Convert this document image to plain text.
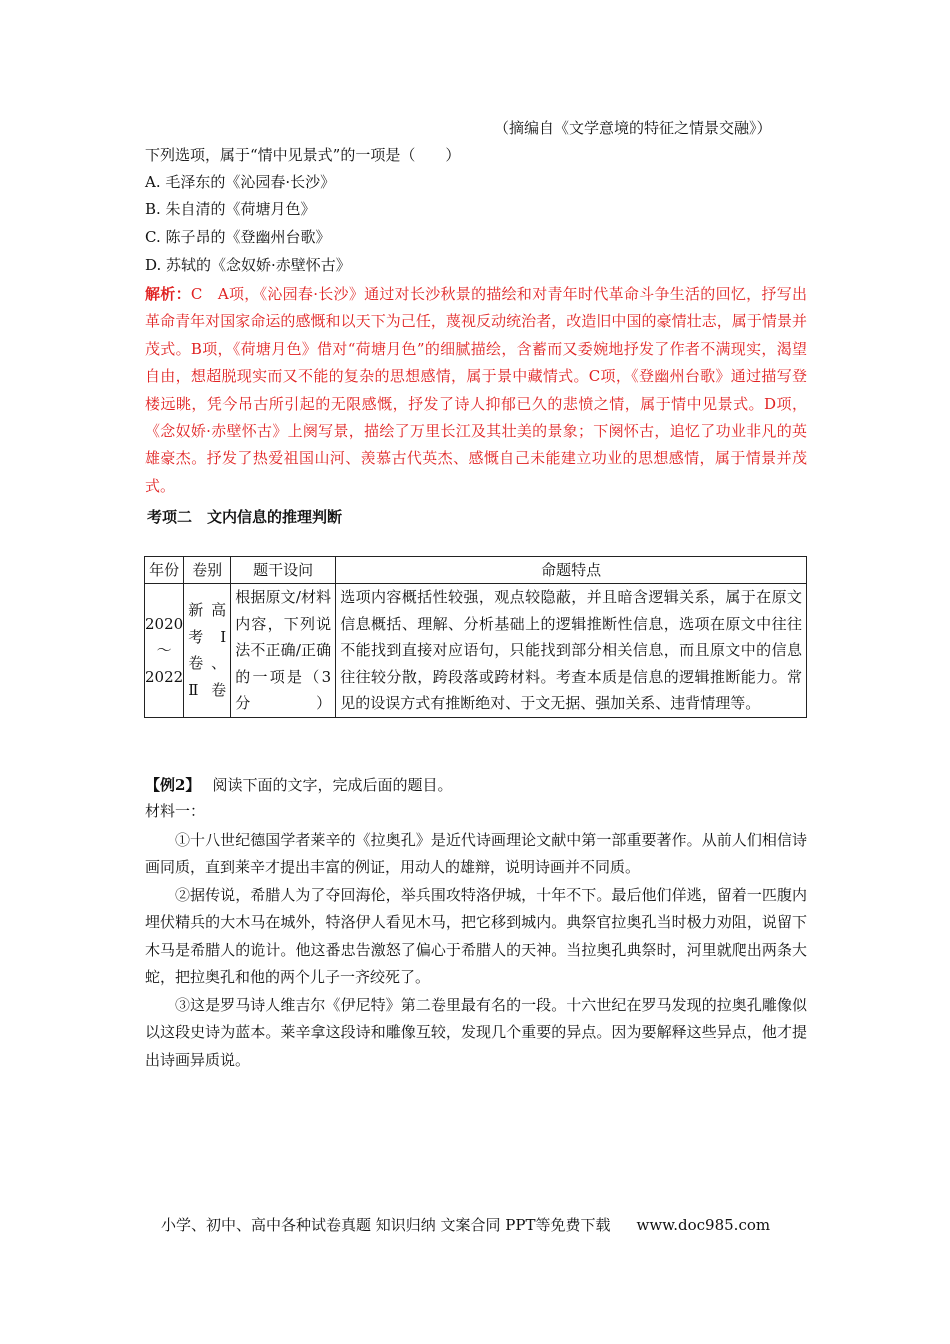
（摘编自《文学意境的特征之情景交融》）
下列选项，属于“情中见景式”的一项是（　　）
A. 毛泽东的《沁园春·长沙》
B. 朱自清的《荷塘月色》
C. 陈子昂的《登幽州台歌》
D. 苏轼的《念奴娇·赤壁怀古》
解析：C　A项，《沁园春·长沙》通过对长沙秋景的描绘和对青年时代革命斗争生活的回忆，抒写出革命青年对国家命运的感慨和以天下为己任，蔑视反动统治者，改造旧中国的豪情壮志，属于情景并茂式。B项，《荷塘月色》借对“荷塘月色”的细腻描绘，含蓄而又委婉地抒发了作者不满现实，渴望自由，想超脱现实而又不能的复杂的思想感情，属于景中藏情式。C项，《登幽州台歌》通过描写登楼远眺，凭今吊古所引起的无限感慨，抒发了诗人抑郁已久的悲愤之情，属于情中见景式。D项，《念奴娇·赤壁怀古》上阕写景，描绘了万里长江及其壮美的景象；下阕怀古，追忆了功业非凡的英雄豪杰。抒发了热爱祖国山河、羡慕古代英杰、感慨自己未能建立功业的思想感情，属于情景并茂式。
考项二　文内信息的推理判断
年份	卷别	题干设问	命题特点
2020～2022	新高考Ⅰ卷、Ⅱ卷	根据原文/材料内容，下列说法不正确/正确的一项是（3分）	选项内容概括性较强，观点较隐蔽，并且暗含逻辑关系，属于在原文信息概括、理解、分析基础上的逻辑推断性信息，选项在原文中往往不能找到直接对应语句，只能找到部分相关信息，而且原文中的信息往往较分散，跨段落或跨材料。考查本质是信息的逻辑推断能力。常见的设误方式有推断绝对、于文无据、强加关系、违背情理等。
【例2】 阅读下面的文字，完成后面的题目。
材料一：
①十八世纪德国学者莱辛的《拉奥孔》是近代诗画理论文献中第一部重要著作。从前人们相信诗画同质，直到莱辛才提出丰富的例证，用动人的雄辩，说明诗画并不同质。
②据传说，希腊人为了夺回海伦，举兵围攻特洛伊城，十年不下。最后他们佯逃，留着一匹腹内埋伏精兵的大木马在城外，特洛伊人看见木马，把它移到城内。典祭官拉奥孔当时极力劝阻，说留下木马是希腊人的诡计。他这番忠告激怒了偏心于希腊人的天神。当拉奥孔典祭时，河里就爬出两条大蛇，把拉奥孔和他的两个儿子一齐绞死了。
③这是罗马诗人维吉尔《伊尼特》第二卷里最有名的一段。十六世纪在罗马发现的拉奥孔雕像似以这段史诗为蓝本。莱辛拿这段诗和雕像互较，发现几个重要的异点。因为要解释这些异点，他才提出诗画异质说。
小学、初中、高中各种试卷真题 知识归纳 文案合同 PPT等免费下载 www.doc985.com
